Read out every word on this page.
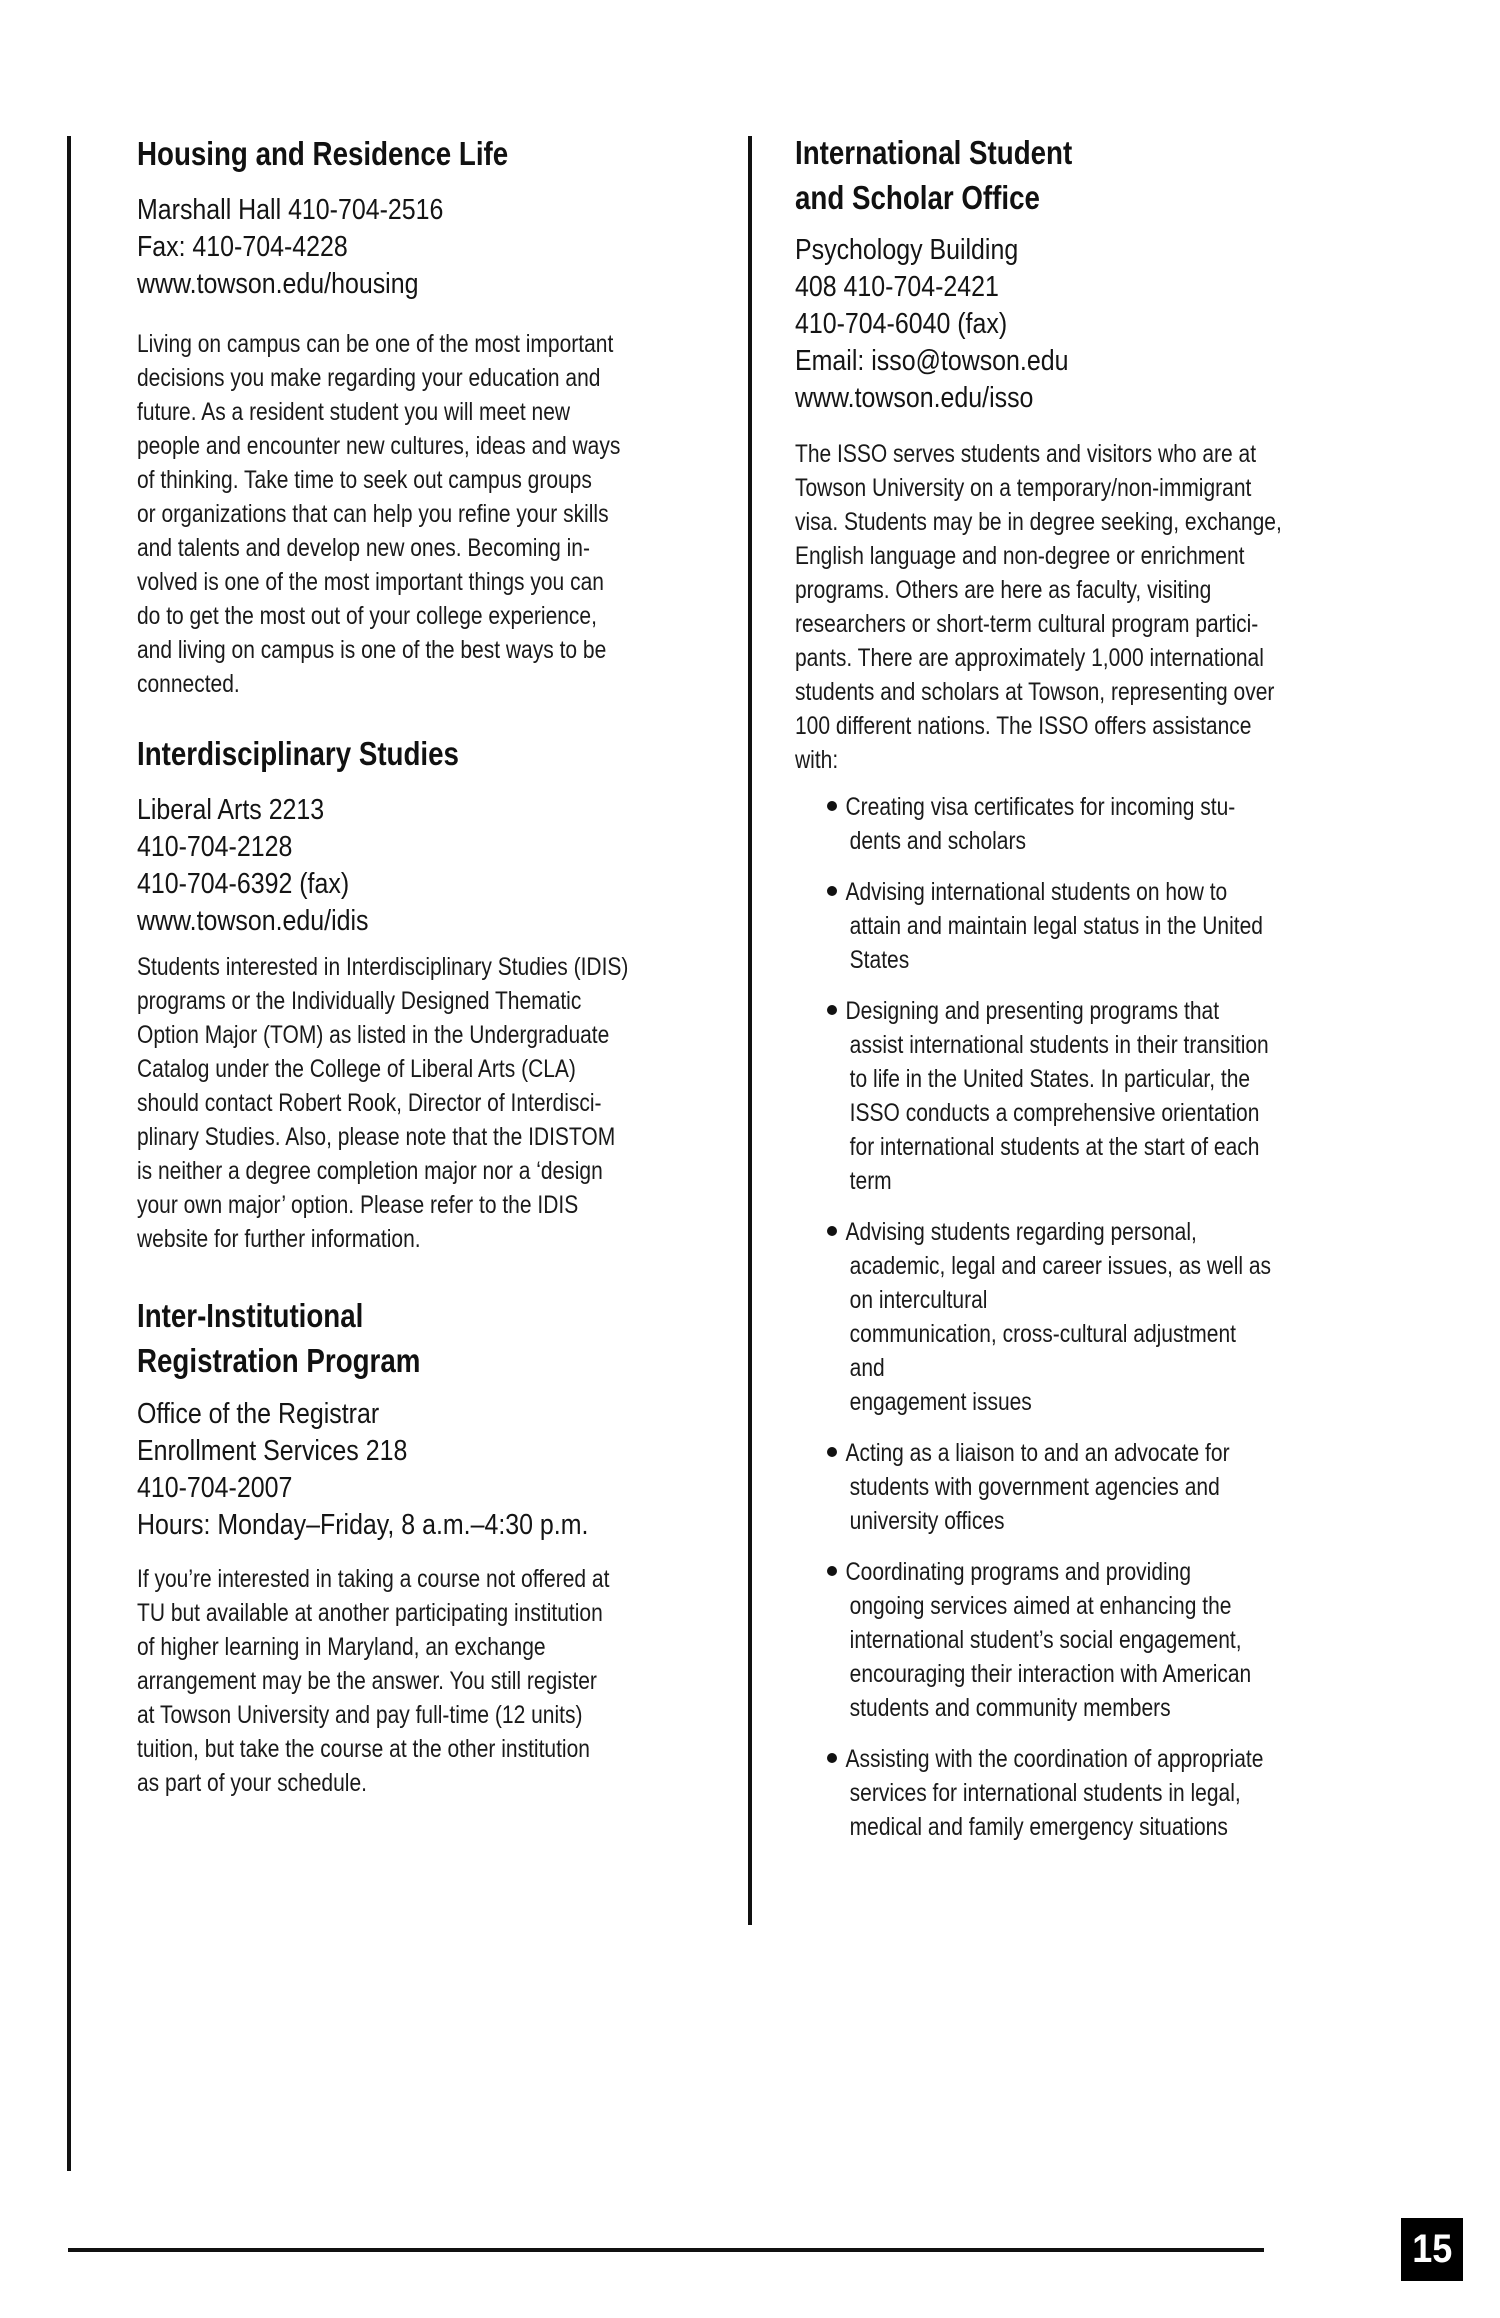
Housing and Residence Life
Marshall Hall 410-704-2516
Fax: 410-704-4228
www.towson.edu/housing
Living on campus can be one of the most important
decisions you make regarding your education and
future. As a resident student you will meet new
people and encounter new cultures, ideas and ways
of thinking. Take time to seek out campus groups
or organizations that can help you refine your skills
and talents and develop new ones. Becoming in-
volved is one of the most important things you can
do to get the most out of your college experience,
and living on campus is one of the best ways to be
connected.
Interdisciplinary Studies
Liberal Arts 2213
410-704-2128
410-704-6392 (fax)
www.towson.edu/idis
Students interested in Interdisciplinary Studies (IDIS)
programs or the Individually Designed Thematic
Option Major (TOM) as listed in the Undergraduate
Catalog under the College of Liberal Arts (CLA)
should contact Robert Rook, Director of Interdisci-
plinary Studies. Also, please note that the IDISTOM
is neither a degree completion major nor a ‘design
your own major’ option. Please refer to the IDIS
website for further information.
Inter-Institutional
Registration Program
Office of the Registrar
Enrollment Services 218
410-704-2007
Hours: Monday–Friday, 8 a.m.–4:30 p.m.
If you’re interested in taking a course not offered at
TU but available at another participating institution
of higher learning in Maryland, an exchange
arrangement may be the answer. You still register
at Towson University and pay full-time (12 units)
tuition, but take the course at the other institution
as part of your schedule.
International Student
and Scholar Office
Psychology Building
408 410-704-2421
410-704-6040 (fax)
Email: isso@towson.edu
www.towson.edu/isso
The ISSO serves students and visitors who are at
Towson University on a temporary/non-immigrant
visa. Students may be in degree seeking, exchange,
English language and non-degree or enrichment
programs. Others are here as faculty, visiting
researchers or short-term cultural program partici-
pants. There are approximately 1,000 international
students and scholars at Towson, representing over
100 different nations. The ISSO offers assistance
with:
Creating visa certificates for incoming stu-
dents and scholars
Advising international students on how to
attain and maintain legal status in the United
States
Designing and presenting programs that
assist international students in their transition
to life in the United States. In particular, the
ISSO conducts a comprehensive orientation
for international students at the start of each
term
Advising students regarding personal,
academic, legal and career issues, as well as
on intercultural
communication, cross-cultural adjustment
and
engagement issues
Acting as a liaison to and an advocate for
students with government agencies and
university offices
Coordinating programs and providing
ongoing services aimed at enhancing the
international student’s social engagement,
encouraging their interaction with American
students and community members
Assisting with the coordination of appropriate
services for international students in legal,
medical and family emergency situations
15
